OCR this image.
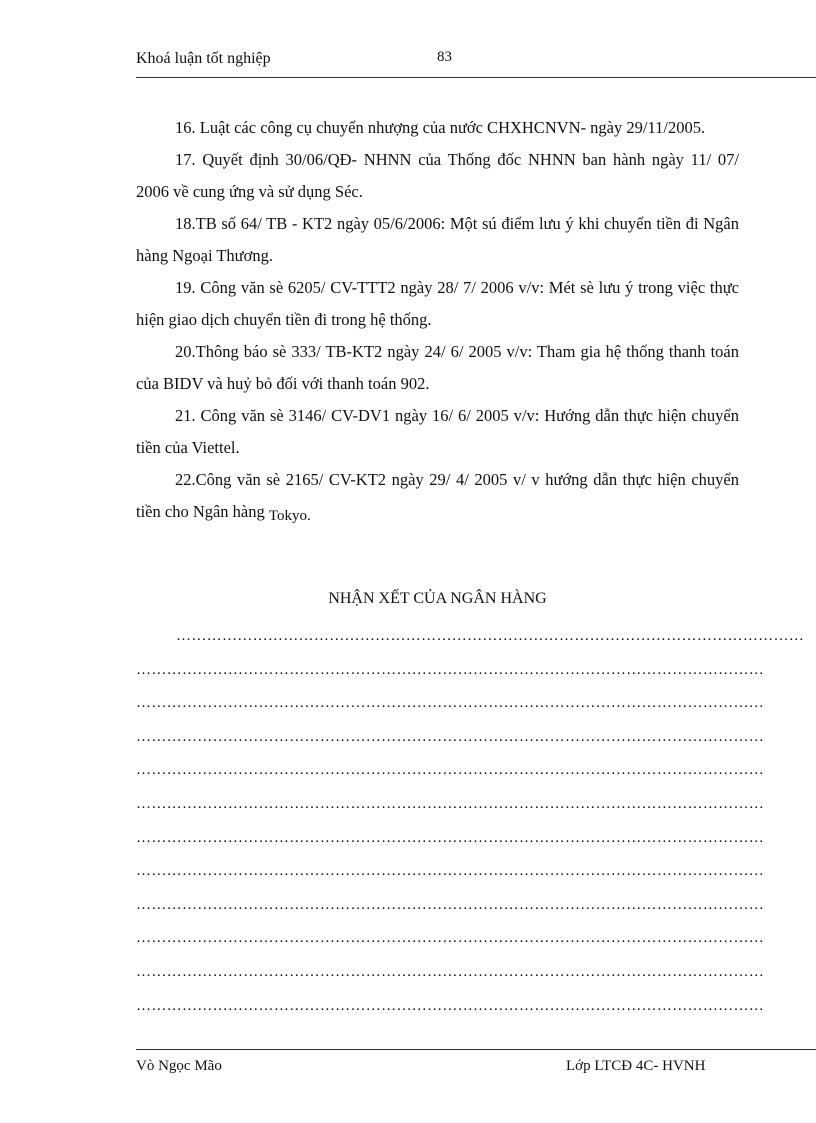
Khoá luận tốt nghiệp	83

16. Luật các công cụ chuyển nhượng của nước CHXHCNVN- ngày 29/11/2005.

17. Quyết định 30/06/QĐ- NHNN của Thống đốc NHNN ban hành ngày 11/ 07/ 2006 về cung ứng và sử dụng Séc.

18.TB số 64/ TB - KT2 ngày 05/6/2006: Một sú điểm lưu ý khi chuyển tiền đi Ngân hàng Ngoại Thương.

19. Công văn sè 6205/ CV-TTT2 ngày 28/ 7/ 2006 v/v: Mét sè lưu ý trong việc thực hiện giao dịch chuyển tiền đi trong hệ thống.

20.Thông báo sè 333/ TB-KT2 ngày 24/ 6/ 2005 v/v: Tham gia hệ thống thanh toán của BIDV và huỷ bỏ đối với thanh toán 902.

21. Công văn sè 3146/ CV-DV1 ngày 16/ 6/ 2005 v/v: Hướng dẫn thực hiện chuyển tiền của Viettel.

22.Công văn sè 2165/ CV-KT2 ngày 29/ 4/ 2005 v/ v hướng dẫn thực hiện chuyển tiền cho Ngân hàng Tokyo.

NHẬN XẾT CỦA NGÂN HÀNG
……………………………………………………………………………………………………………
……………………………………………………………………………………………………………
……………………………………………………………………………………………………………
……………………………………………………………………………………………………………
……………………………………………………………………………………………………………
……………………………………………………………………………………………………………
……………………………………………………………………………………………………………
……………………………………………………………………………………………………………
……………………………………………………………………………………………………………
……………………………………………………………………………………………………………
……………………………………………………………………………………………………………
……………………………………………………………………………………………………………
Vò Ngọc Mão	Lớp LTCĐ 4C- HVNH
